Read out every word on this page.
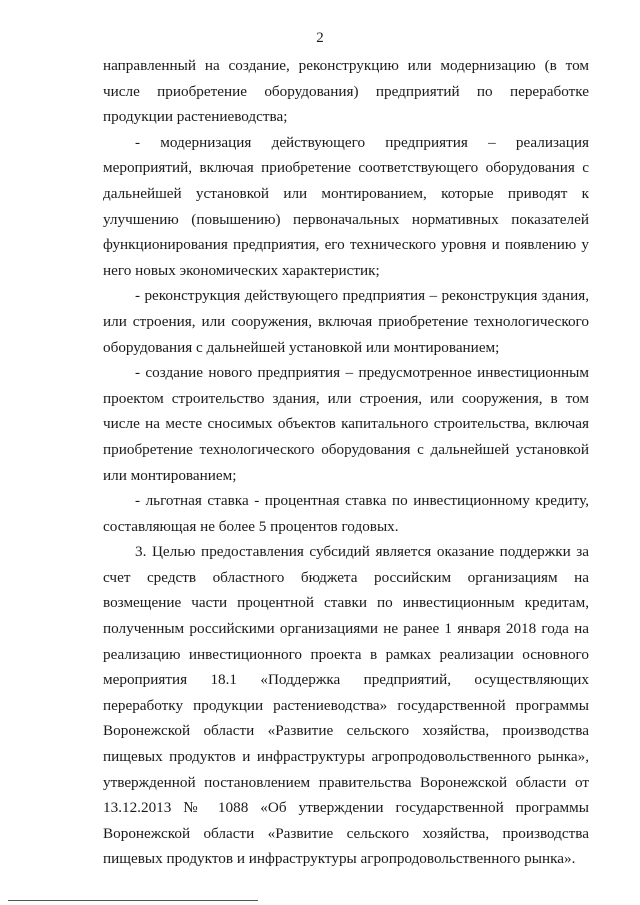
2

направленный на создание, реконструкцию или модернизацию (в том числе приобретение оборудования) предприятий по переработке продукции растениеводства;

- модернизация действующего предприятия – реализация мероприятий, включая приобретение соответствующего оборудования с дальнейшей установкой или монтированием, которые приводят к улучшению (повышению) первоначальных нормативных показателей функционирования предприятия, его технического уровня и появлению у него новых экономических характеристик;

- реконструкция действующего предприятия – реконструкция здания, или строения, или сооружения, включая приобретение технологического оборудования с дальнейшей установкой или монтированием;

- создание нового предприятия – предусмотренное инвестиционным проектом строительство здания, или строения, или сооружения, в том числе на месте сносимых объектов капитального строительства, включая приобретение технологического оборудования с дальнейшей установкой или монтированием;

- льготная ставка - процентная ставка по инвестиционному кредиту, составляющая не более 5 процентов годовых.

3. Целью предоставления субсидий является оказание поддержки за счет средств областного бюджета российским организациям на возмещение части процентной ставки по инвестиционным кредитам, полученным российскими организациями не ранее 1 января 2018 года на реализацию инвестиционного проекта в рамках реализации основного мероприятия 18.1 «Поддержка предприятий, осуществляющих переработку продукции растениеводства» государственной программы Воронежской области «Развитие сельского хозяйства, производства пищевых продуктов и инфраструктуры агропродовольственного рынка», утвержденной постановлением правительства Воронежской области от 13.12.2013 № 1088 «Об утверждении государственной программы Воронежской области «Развитие сельского хозяйства, производства пищевых продуктов и инфраструктуры агропродовольственного рынка».
